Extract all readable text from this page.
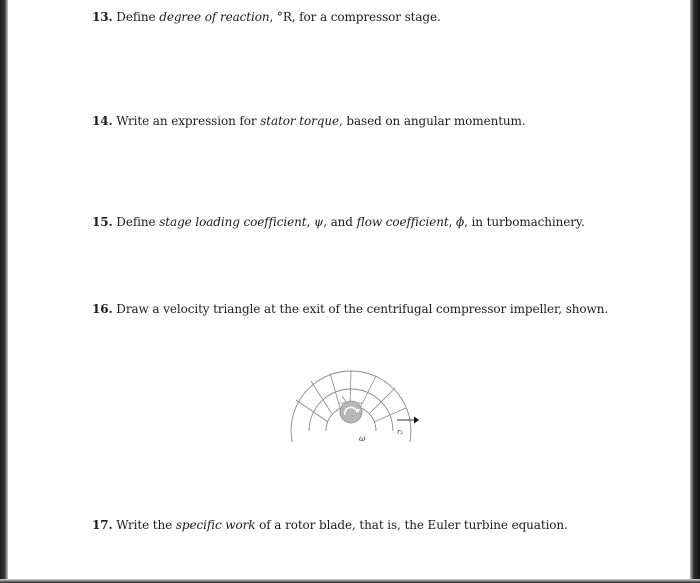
13. Define degree of reaction, °R, for a compressor stage.
14. Write an expression for stator torque, based on angular momentum.
15. Define stage loading coefficient, ψ, and flow coefficient, ϕ, in turbomachinery.
16. Draw a velocity triangle at the exit of the centrifugal compressor impeller, shown.
r₂
ω
17. Write the specific work of a rotor blade, that is, the Euler turbine equation.
